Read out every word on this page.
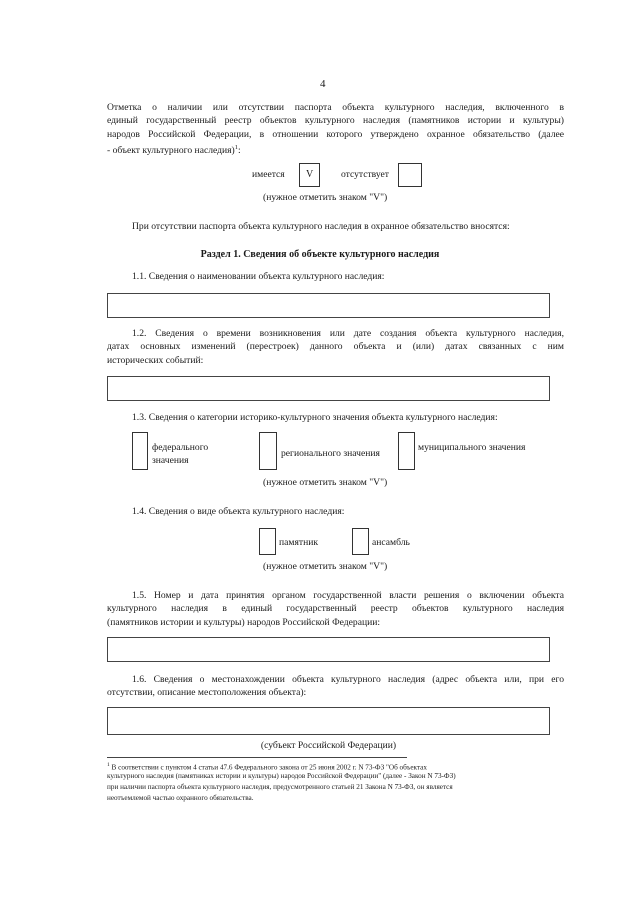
4
Отметка о наличии или отсутствии паспорта объекта культурного наследия, включенного в
единый государственный реестр объектов культурного наследия (памятников истории и культуры)
народов Российской Федерации, в отношении которого утверждено охранное обязательство (далее
- объект культурного наследия)$^1$:
имеется V	отсутствует
(нужное отметить знаком "V")
При отсутствии паспорта объекта культурного наследия в охранное обязательство вносятся:
Раздел 1. Сведения об объекте культурного наследия
1.1. Сведения о наименовании объекта культурного наследия:
1.2. Сведения о времени возникновения или дате создания объекта культурного наследия,
датах основных изменений (перестроек) данного объекта и (или) датах связанных с ним
исторических событий:
1.3. Сведения о категории историко-культурного значения объекта культурного наследия:
федерального
значения
регионального значения
муниципального значения
(нужное отметить знаком "V")
1.4. Сведения о виде объекта культурного наследия:
памятник	ансамбль
(нужное отметить знаком "V")
1.5. Номер и дата принятия органом государственной власти решения о включении объекта
культурного наследия в единый государственный реестр объектов культурного наследия
(памятников истории и культуры) народов Российской Федерации:
1.6. Сведения о местонахождении объекта культурного наследия (адрес объекта или, при его
отсутствии, описание местоположения объекта):
(субъект Российской Федерации)
$^1$ В соответствии с пунктом 4 статьи 47.6 Федерального закона от 25 июня 2002 г. N 73-ФЗ "Об объектах
культурного наследия (памятниках истории и культуры) народов Российской Федерации" (далее - Закон N 73-ФЗ)
при наличии паспорта объекта культурного наследия, предусмотренного статьей 21 Закона N 73-ФЗ, он является
неотъемлемой частью охранного обязательства.
